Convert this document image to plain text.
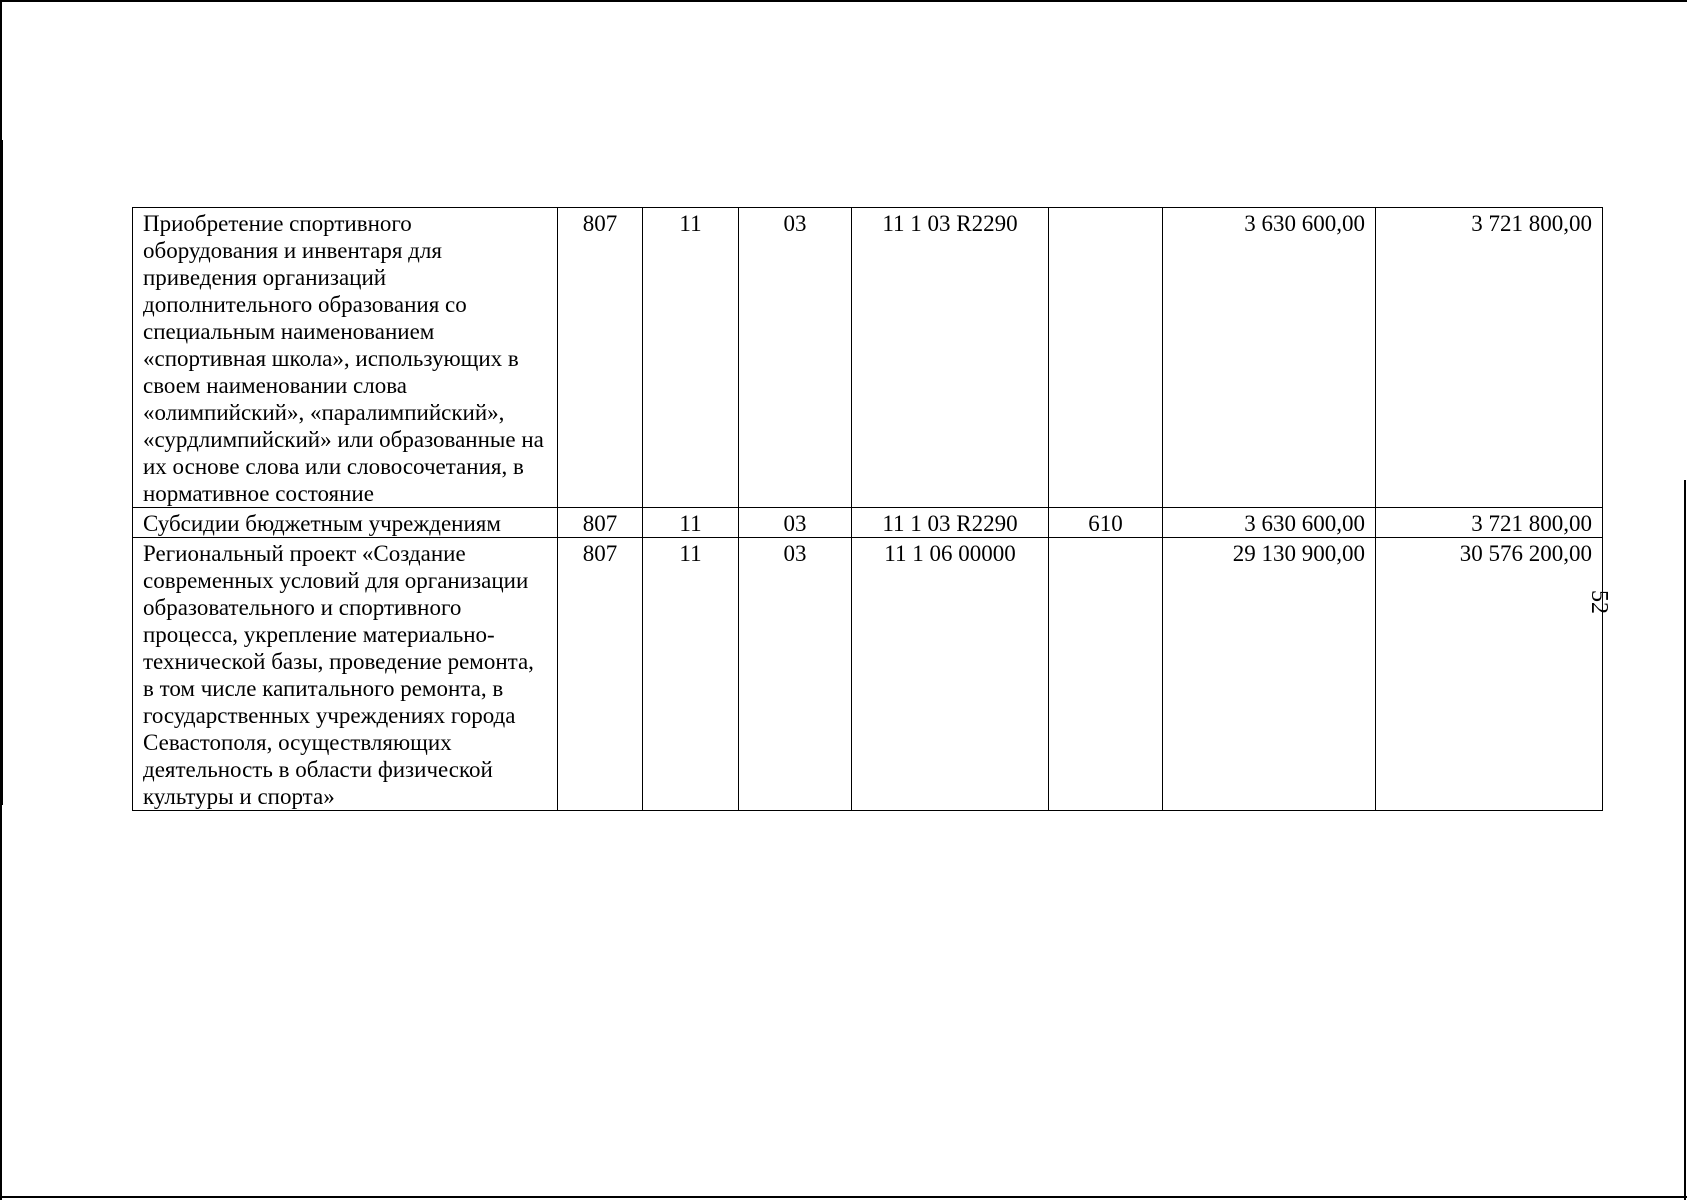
Приобретение спортивного оборудования и инвентаря для приведения организаций дополнительного образования со специальным наименованием «спортивная школа», использующих в своем наименовании слова «олимпийский», «паралимпийский», «сурдлимпийский» или образованные на их основе слова или словосочетания, в нормативное состояние	807	11	03	11 1 03 R2290		3 630 600,00	3 721 800,00
Субсидии бюджетным учреждениям	807	11	03	11 1 03 R2290	610	3 630 600,00	3 721 800,00
Региональный проект «Создание современных условий для организации образовательного и спортивного процесса, укрепление материально-технической базы, проведение ремонта, в том числе капитального ремонта, в государственных учреждениях города Севастополя, осуществляющих деятельность в области физической культуры и спорта»	807	11	03	11 1 06 00000		29 130 900,00	30 576 200,00
52
